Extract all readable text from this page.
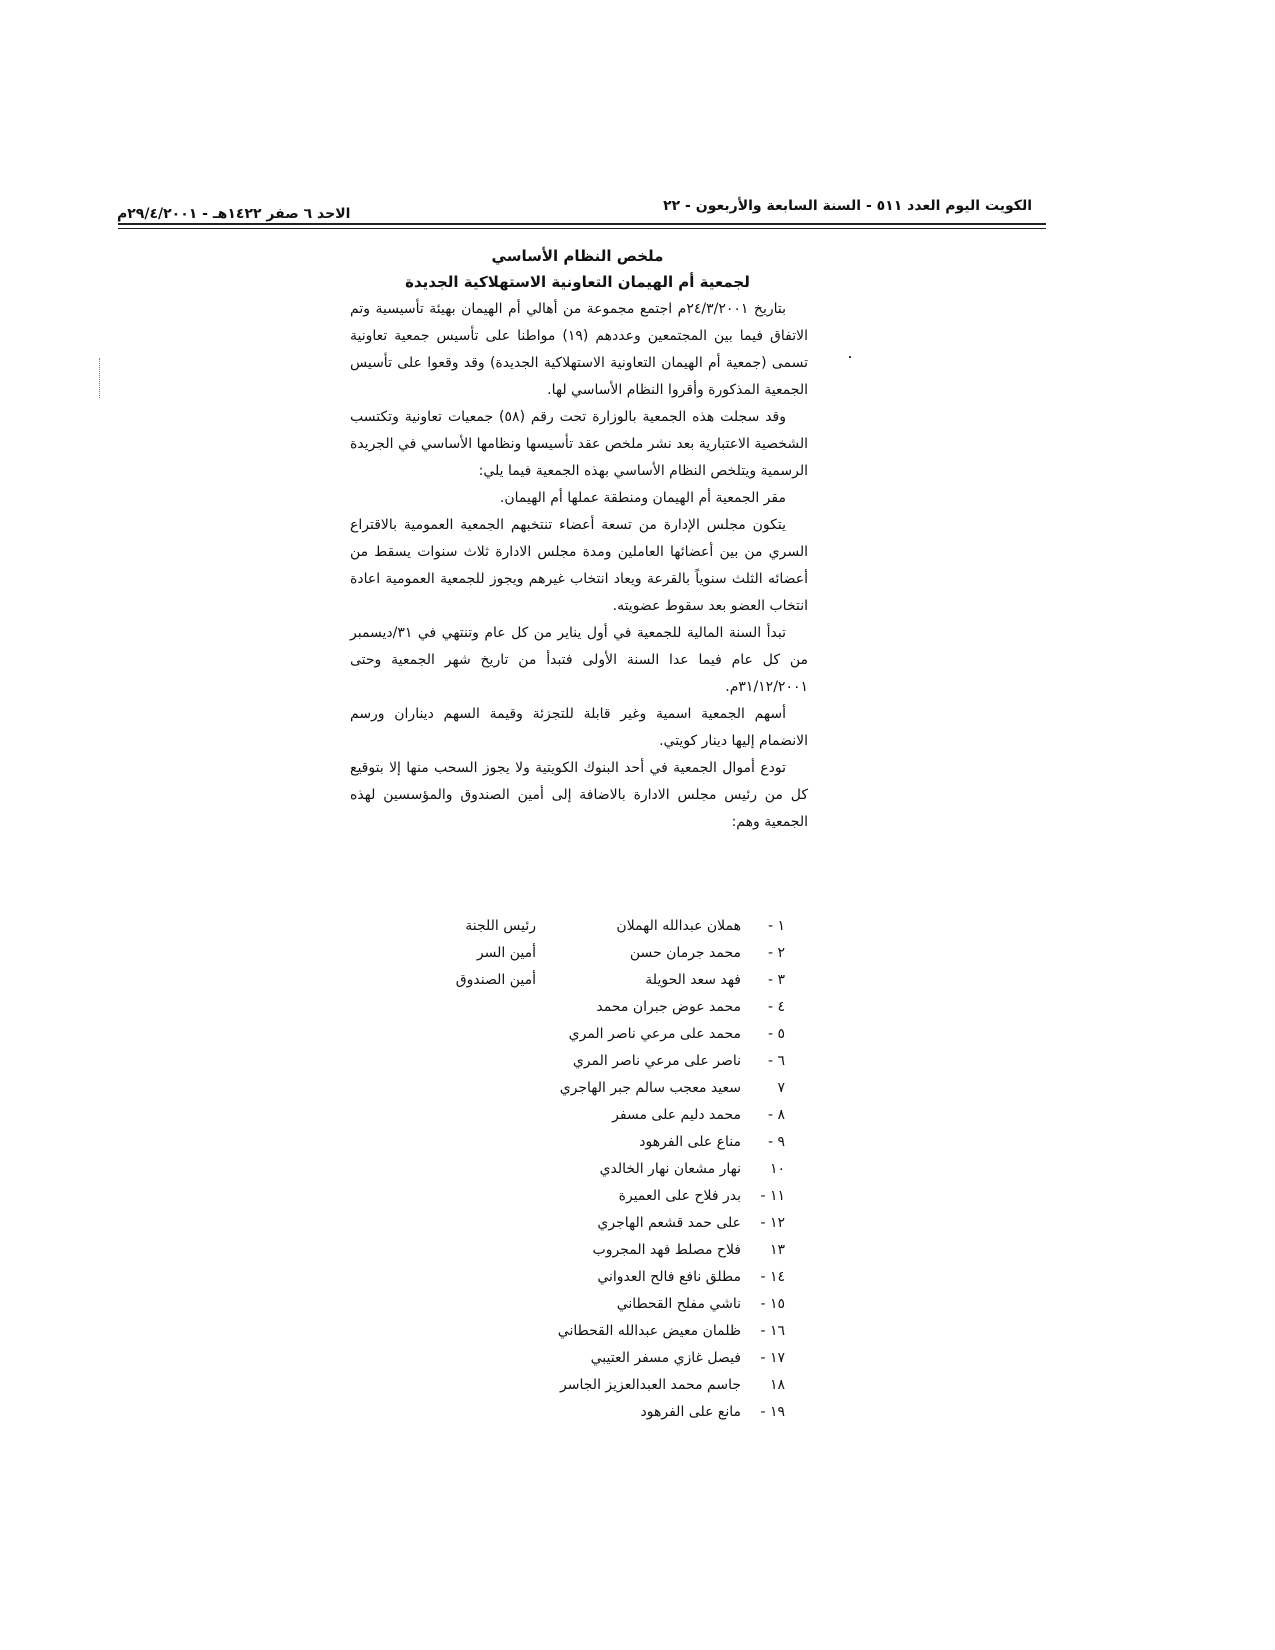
الكويت اليوم العدد ٥١١ - السنة السابعة والأربعون - ٢٢
الاحد ٦ صفر ١٤٢٢هـ - ٢٩/٤/٢٠٠١م
ملخص النظام الأساسي
لجمعية أم الهيمان التعاونية الاستهلاكية الجديدة

بتاريخ ٢٤/٣/٢٠٠١م اجتمع مجموعة من أهالي أم الهيمان بهيئة تأسيسية وتم الاتفاق فيما بين المجتمعين وعددهم (١٩) مواطنا على تأسيس جمعية تعاونية تسمى (جمعية أم الهيمان التعاونية الاستهلاكية الجديدة) وقد وقعوا على تأسيس الجمعية المذكورة وأقروا النظام الأساسي لها.

وقد سجلت هذه الجمعية بالوزارة تحت رقم (٥٨) جمعيات تعاونية وتكتسب الشخصية الاعتبارية بعد نشر ملخص عقد تأسيسها ونظامها الأساسي في الجريدة الرسمية ويتلخص النظام الأساسي بهذه الجمعية فيما يلي:

مقر الجمعية أم الهيمان ومنطقة عملها أم الهيمان.

يتكون مجلس الإدارة من تسعة أعضاء تنتخبهم الجمعية العمومية بالاقتراع السري من بين أعضائها العاملين ومدة مجلس الادارة ثلاث سنوات يسقط من أعضائه الثلث سنوياً بالقرعة ويعاد انتخاب غيرهم ويجوز للجمعية العمومية اعادة انتخاب العضو بعد سقوط عضويته.

تبدأ السنة المالية للجمعية في أول يناير من كل عام وتنتهي في ٣١/ديسمبر من كل عام فيما عدا السنة الأولى فتبدأ من تاريخ شهر الجمعية وحتى ٣١/١٢/٢٠٠١م.

أسهم الجمعية اسمية وغير قابلة للتجزئة وقيمة السهم ديناران ورسم الانضمام إليها دينار كويتي.

تودع أموال الجمعية في أحد البنوك الكويتية ولا يجوز السحب منها إلا بتوقيع كل من رئيس مجلس الادارة بالاضافة إلى أمين الصندوق والمؤسسين لهذه الجمعية وهم:

١ -
هملان عبدالله الهملان
رئيس اللجنة
٢ -
محمد جرمان حسن
أمين السر
٣ -
فهد سعد الحويلة
أمين الصندوق
٤ -
محمد عوض جبران محمد
٥ -
محمد على مرعي ناصر المري
٦ -
ناصر على مرعي ناصر المري
٧
سعيد معجب سالم جبر الهاجري
٨ -
محمد دليم على مسفر
٩ -
مناع على الفرهود
١٠
نهار مشعان نهار الخالدي
١١ -
بدر فلاح على العميرة
١٢ -
على حمد قشعم الهاجري
١٣
فلاح مصلط فهد المجروب
١٤ -
مطلق نافع فالح العدواني
١٥ -
ناشي مفلح القحطاني
١٦ -
ظلمان معيض عبدالله القحطاني
١٧ -
فيصل غازي مسفر العتيبي
١٨
جاسم محمد العبدالعزيز الجاسر
١٩ -
مانع على الفرهود
